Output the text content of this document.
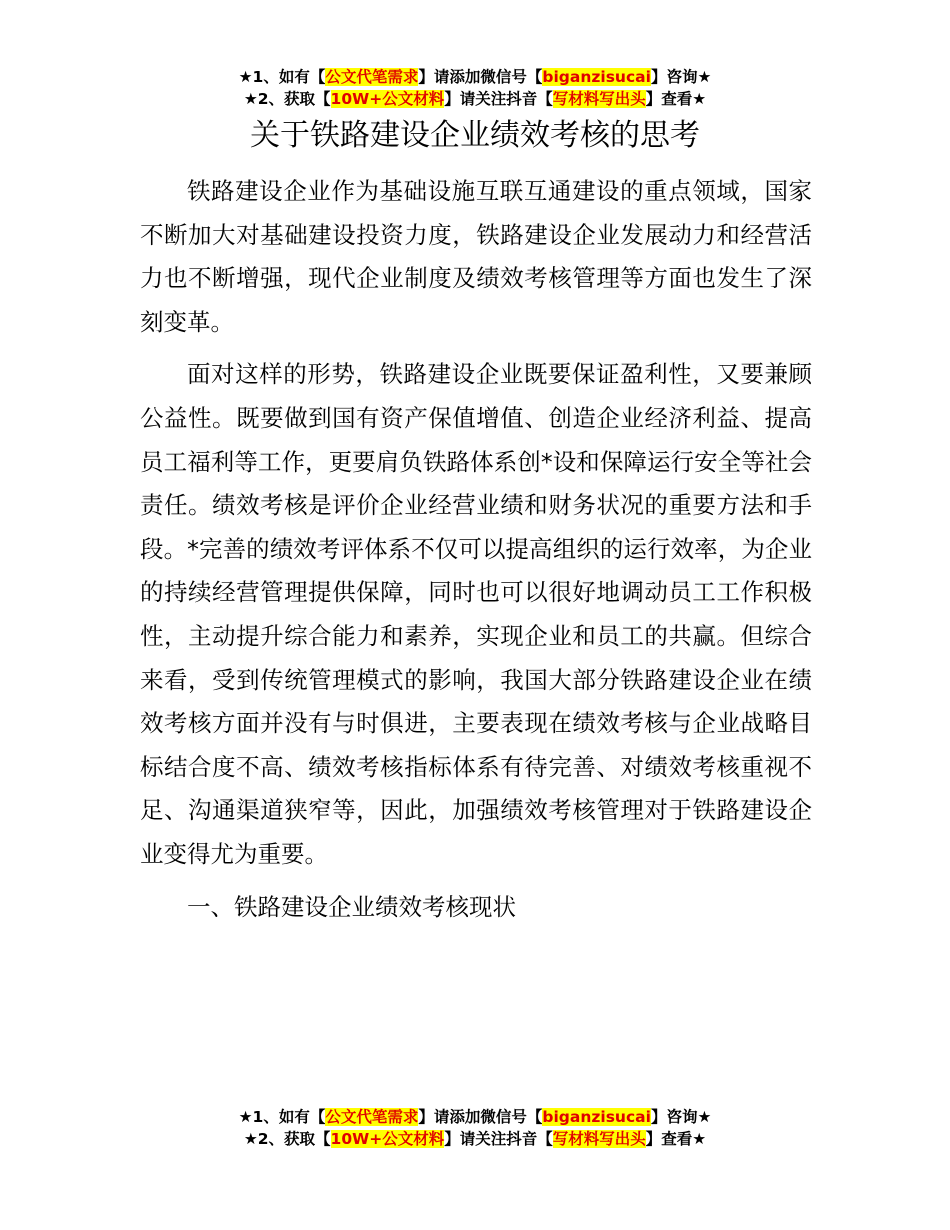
★1、如有【公文代笔需求】请添加微信号【biganzisucai】咨询★
★2、获取【10W+公文材料】请关注抖音【写材料写出头】查看★
关于铁路建设企业绩效考核的思考

铁路建设企业作为基础设施互联互通建设的重点领域，国家不断加大对基础建设投资力度，铁路建设企业发展动力和经营活力也不断增强，现代企业制度及绩效考核管理等方面也发生了深刻变革。

面对这样的形势，铁路建设企业既要保证盈利性，又要兼顾公益性。既要做到国有资产保值增值、创造企业经济利益、提高员工福利等工作，更要肩负铁路体系创*设和保障运行安全等社会责任。绩效考核是评价企业经营业绩和财务状况的重要方法和手段。*完善的绩效考评体系不仅可以提高组织的运行效率，为企业的持续经营管理提供保障，同时也可以很好地调动员工工作积极性，主动提升综合能力和素养，实现企业和员工的共赢。但综合来看，受到传统管理模式的影响，我国大部分铁路建设企业在绩效考核方面并没有与时俱进，主要表现在绩效考核与企业战略目标结合度不高、绩效考核指标体系有待完善、对绩效考核重视不足、沟通渠道狭窄等，因此，加强绩效考核管理对于铁路建设企业变得尤为重要。

一、铁路建设企业绩效考核现状

★1、如有【公文代笔需求】请添加微信号【biganzisucai】咨询★
★2、获取【10W+公文材料】请关注抖音【写材料写出头】查看★
